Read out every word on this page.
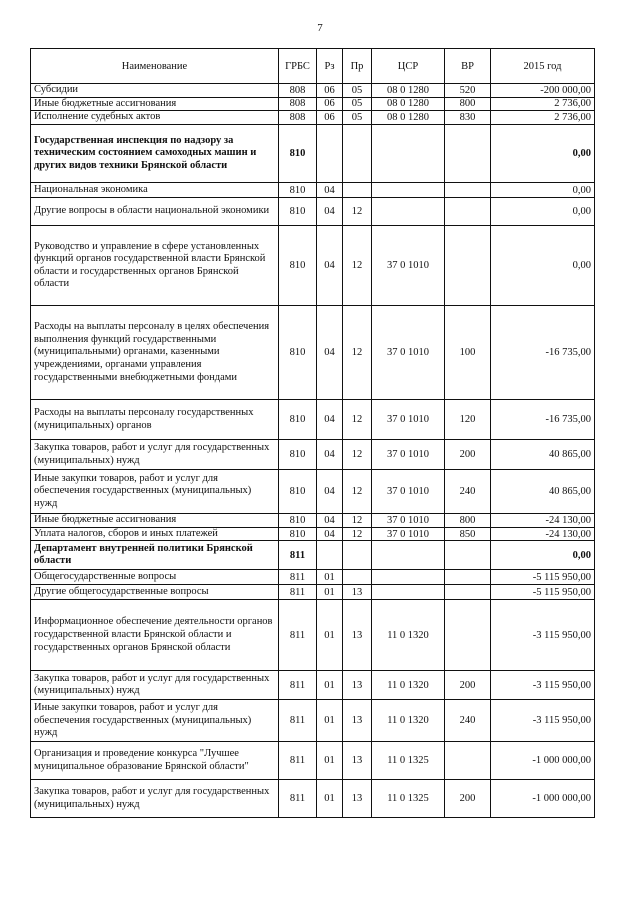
7
Наименование	ГРБС	Рз	Пр	ЦСР	ВР	2015 год
Субсидии	808	06	05	08 0 1280	520	-200 000,00
Иные бюджетные ассигнования	808	06	05	08 0 1280	800	2 736,00
Исполнение судебных актов	808	06	05	08 0 1280	830	2 736,00
Государственная инспекция по надзору за техническим состоянием самоходных машин и других видов техники Брянской области	810					0,00
Национальная экономика	810	04				0,00
Другие вопросы в области национальной экономики	810	04	12			0,00
Руководство и управление в сфере установленных функций органов государственной власти Брянской области и государственных органов Брянской области	810	04	12	37 0 1010		0,00
Расходы на выплаты персоналу в целях обеспечения выполнения функций государственными (муниципальными) органами, казенными учреждениями, органами управления государственными внебюджетными фондами	810	04	12	37 0 1010	100	-16 735,00
Расходы на выплаты персоналу государственных (муниципальных) органов	810	04	12	37 0 1010	120	-16 735,00
Закупка товаров, работ и услуг для государственных (муниципальных) нужд	810	04	12	37 0 1010	200	40 865,00
Иные закупки товаров, работ и услуг для обеспечения государственных (муниципальных) нужд	810	04	12	37 0 1010	240	40 865,00
Иные бюджетные ассигнования	810	04	12	37 0 1010	800	-24 130,00
Уплата налогов, сборов и иных платежей	810	04	12	37 0 1010	850	-24 130,00
Департамент внутренней политики Брянской области	811					0,00
Общегосударственные вопросы	811	01				-5 115 950,00
Другие общегосударственные вопросы	811	01	13			-5 115 950,00
Информационное обеспечение деятельности органов государственной власти Брянской области и государственных органов Брянской области	811	01	13	11 0 1320		-3 115 950,00
Закупка товаров, работ и услуг для государственных (муниципальных) нужд	811	01	13	11 0 1320	200	-3 115 950,00
Иные закупки товаров, работ и услуг для обеспечения государственных (муниципальных) нужд	811	01	13	11 0 1320	240	-3 115 950,00
Организация и проведение конкурса "Лучшее муниципальное образование Брянской области"	811	01	13	11 0 1325		-1 000 000,00
Закупка товаров, работ и услуг для государственных (муниципальных) нужд	811	01	13	11 0 1325	200	-1 000 000,00
